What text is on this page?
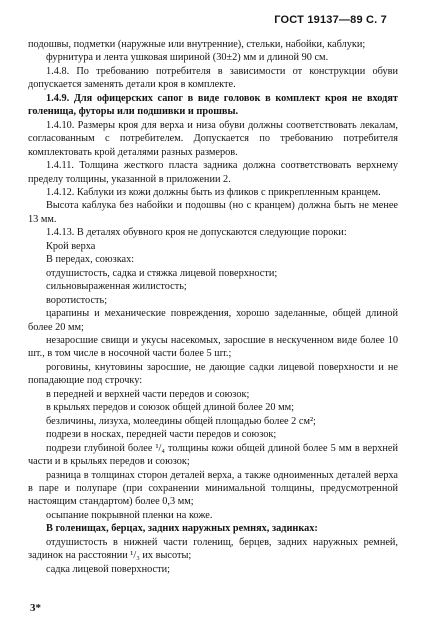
ГОСТ 19137—89 С. 7

подошвы, подметки (наружные или внутренние), стельки, набойки, каблуки;

фурнитура и лента ушковая шириной (30±2) мм и длиной 90 см.

1.4.8. По требованию потребителя в зависимости от конструкции обуви допускается заменять детали кроя в комплекте.

1.4.9. Для офицерских сапог в виде головок в комплект кроя не входят голенища, футоры или подшивки и прошвы.

1.4.10. Размеры кроя для верха и низа обуви должны соответствовать лекалам, согласованным с потребителем. Допускается по требованию потребителя комплектовать крой деталями разных размеров.

1.4.11. Толщина жесткого пласта задника должна соответствовать верхнему пределу толщины, указанной в приложении 2.

1.4.12. Каблуки из кожи должны быть из фликов с прикрепленным кранцем.

Высота каблука без набойки и подошвы (но с кранцем) должна быть не менее 13 мм.

1.4.13. В деталях обувного кроя не допускаются следующие пороки:

Крой верха

В передах, союзках:

отдушистость, садка и стяжка лицевой поверхности;

сильновыраженная жилистость;

воротистость;

царапины и механические повреждения, хорошо заделанные, общей длиной более 20 мм;

незаросшие свищи и укусы насекомых, заросшие в нескученном виде более 10 шт., в том числе в носочной части более 5 шт.;

роговины, кнутовины заросшие, не дающие садки лицевой поверхности и не попадающие под строчку:

в передней и верхней части передов и союзок;

в крыльях передов и союзок общей длиной более 20 мм;

безличины, лизуха, молеедины общей площадью более 2 см²;

подрези в носках, передней части передов и союзок;

подрези глубиной более ¹/₄ толщины кожи общей длиной более 5 мм в верхней части и в крыльях передов и союзок;

разница в толщинах сторон деталей верха, а также одноименных деталей верха в паре и полупаре (при сохранении минимальной толщины, предусмотренной настоящим стандартом) более 0,3 мм;

осыпание покрывной пленки на коже.

В голенищах, берцах, задних наружных ремнях, задинках:

отдушистость в нижней части голенищ, берцев, задних наружных ремней, задинок на расстоянии ¹/₃ их высоты;

садка лицевой поверхности;

3*
